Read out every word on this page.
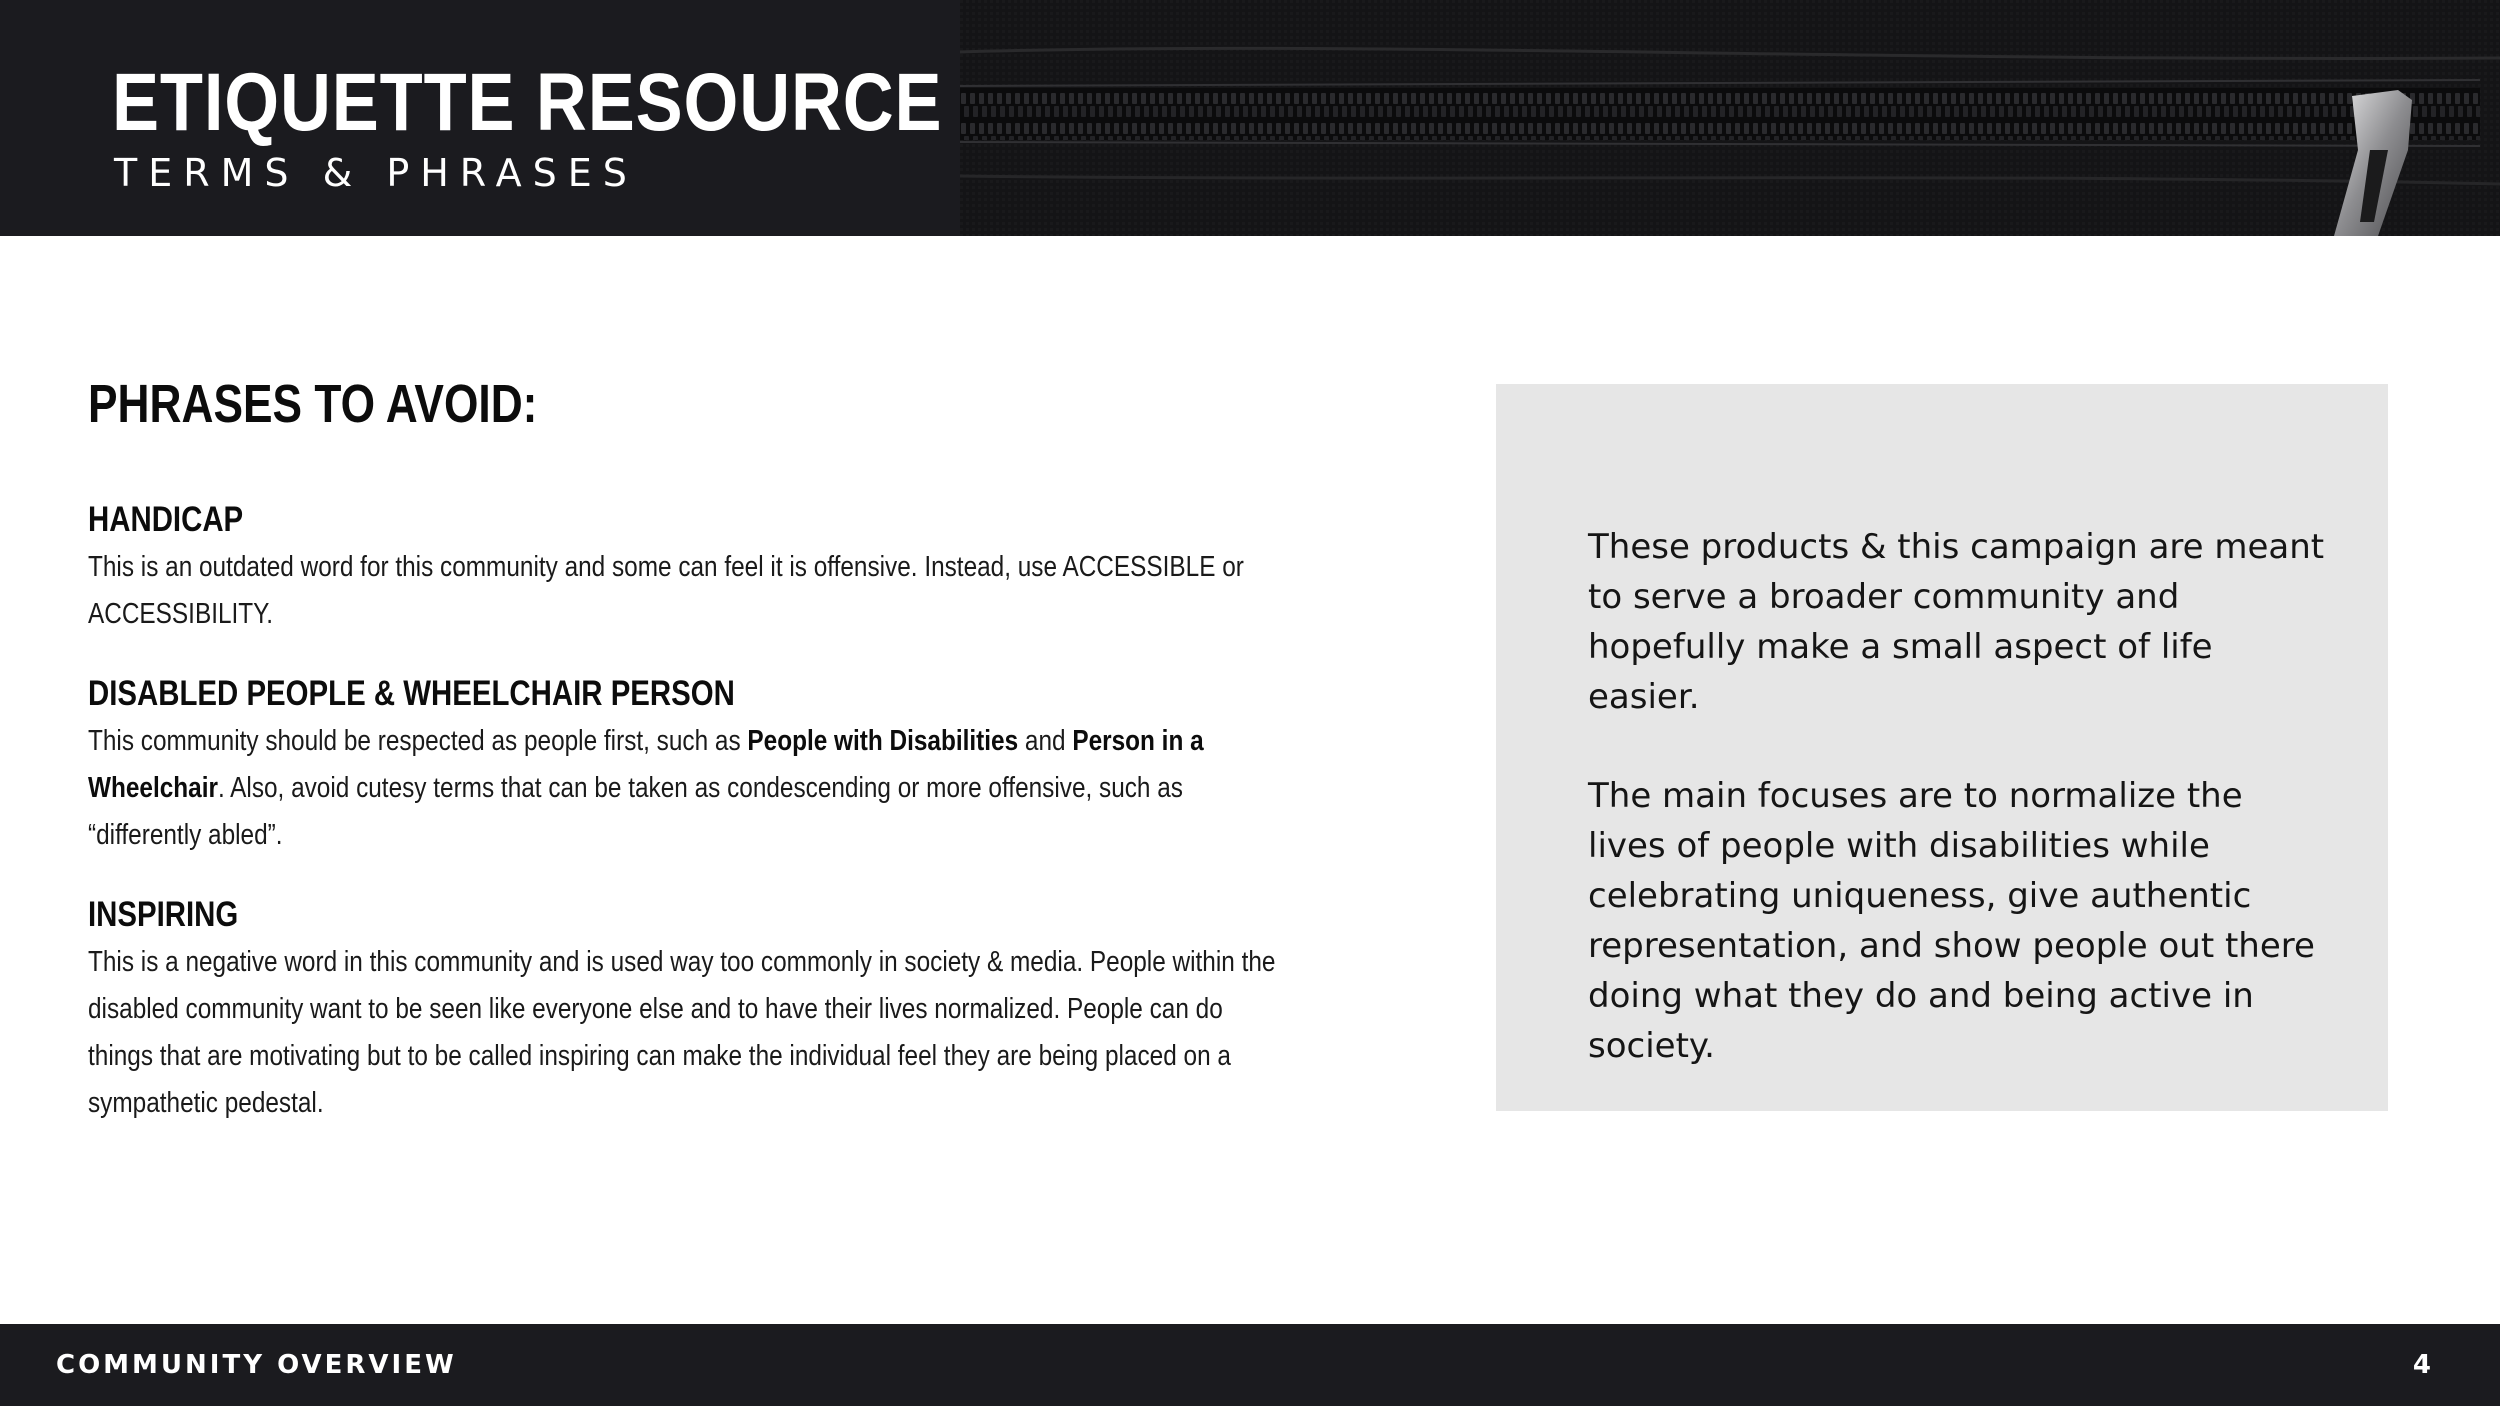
ETIQUETTE RESOURCE
TERMS & PHRASES
PHRASES TO AVOID:
HANDICAP
This is an outdated word for this community and some can feel it is offensive. Instead, use ACCESSIBLE or ACCESSIBILITY.
DISABLED PEOPLE & WHEELCHAIR PERSON
This community should be respected as people first, such as People with Disabilities and Person in a Wheelchair. Also, avoid cutesy terms that can be taken as condescending or more offensive, such as “differently abled”.
INSPIRING
This is a negative word in this community and is used way too commonly in society & media. People within the disabled community want to be seen like everyone else and to have their lives normalized. People can do things that are motivating but to be called inspiring can make the individual feel they are being placed on a sympathetic pedestal.

These products & this campaign are meant to serve a broader community and hopefully make a small aspect of life easier.

The main focuses are to normalize the lives of people with disabilities while celebrating uniqueness, give authentic representation, and show people out there doing what they do and being active in society.

COMMUNITY OVERVIEW	4
